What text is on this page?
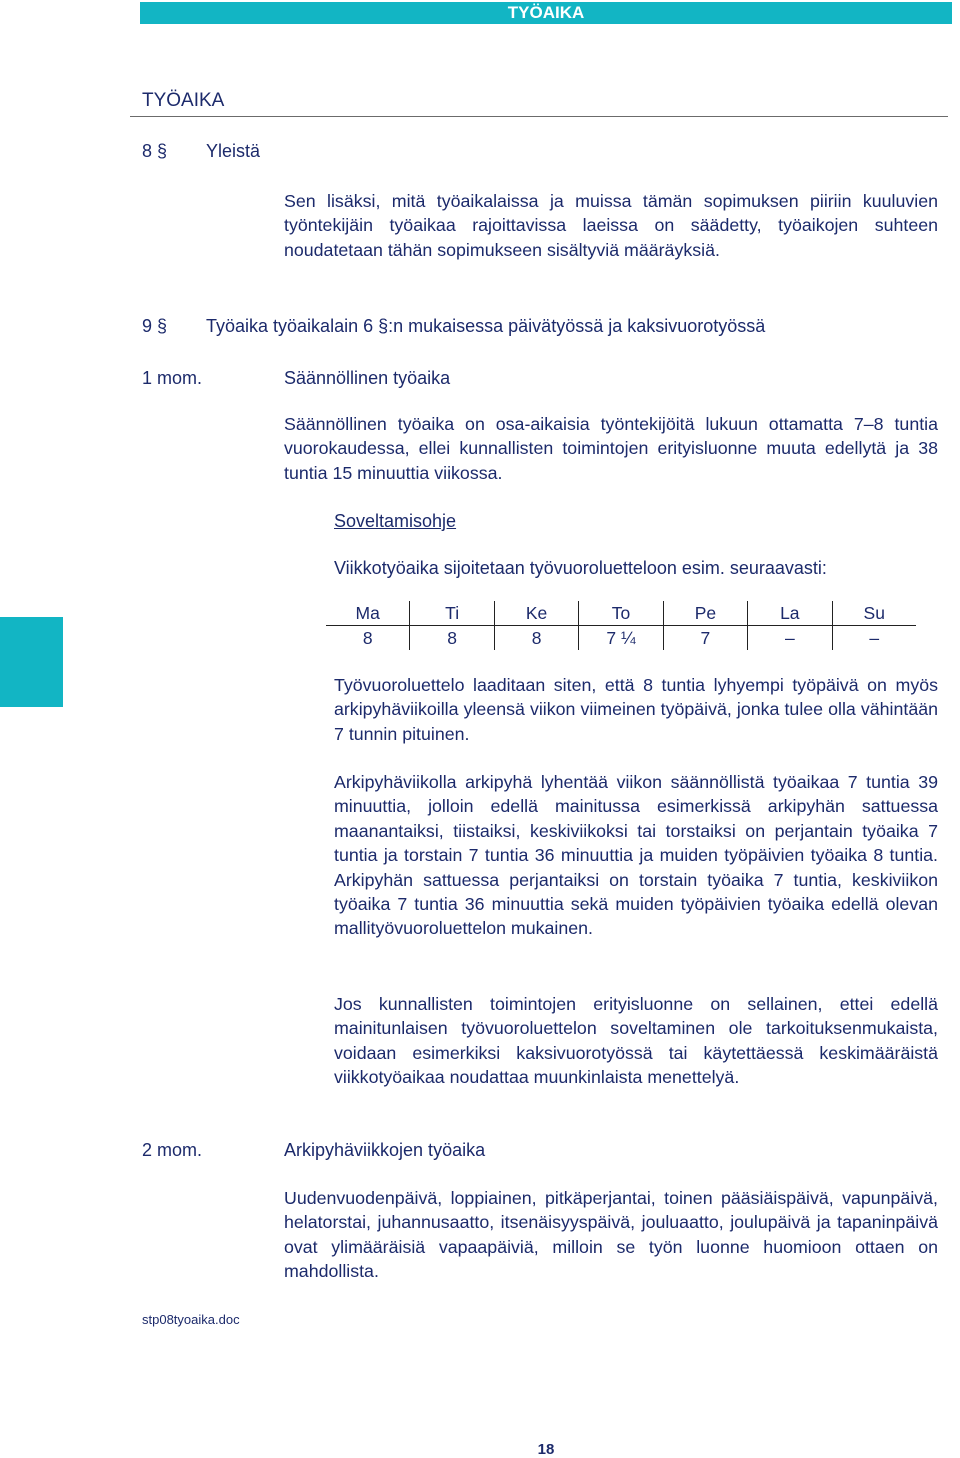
TYÖAIKA
TYÖAIKA
8 § Yleistä
Sen lisäksi, mitä työaikalaissa ja muissa tämän sopimuksen piiriin kuuluvien työntekijäin työaikaa rajoittavissa laeissa on säädetty, työaikojen suhteen noudatetaan tähän sopimukseen sisältyviä määräyksiä.
9 § Työaika työaikalain 6 §:n mukaisessa päivätyössä ja kaksivuorotyössä
1 mom.	Säännöllinen työaika
Säännöllinen työaika on osa-aikaisia työntekijöitä lukuun ottamatta 7–8 tuntia vuorokaudessa, ellei kunnallisten toimintojen erityisluonne muuta edellytä ja 38 tuntia 15 minuuttia viikossa.
Soveltamisohje
Viikkotyöaika sijoitetaan työvuoroluetteloon esim. seuraavasti:
Ma	Ti	Ke	To	Pe	La	Su
8	8	8	7 ¼	7	–	–
Työvuoroluettelo laaditaan siten, että 8 tuntia lyhyempi työpäivä on myös arkipyhäviikoilla yleensä viikon viimeinen työpäivä, jonka tulee olla vähintään 7 tunnin pituinen.
Arkipyhäviikolla arkipyhä lyhentää viikon säännöllistä työaikaa 7 tuntia 39 minuuttia, jolloin edellä mainitussa esimerkissä arkipyhän sattuessa maanantaiksi, tiistaiksi, keskiviikoksi tai torstaiksi on perjantain työaika 7 tuntia ja torstain 7 tuntia 36 minuuttia ja muiden työpäivien työaika 8 tuntia. Arkipyhän sattuessa perjantaiksi on torstain työaika 7 tuntia, keskiviikon työaika 7 tuntia 36 minuuttia sekä muiden työpäivien työaika edellä olevan mallityövuoroluettelon mukainen.
Jos kunnallisten toimintojen erityisluonne on sellainen, ettei edellä mainitunlaisen työvuoroluettelon soveltaminen ole tarkoituksenmukaista, voidaan esimerkiksi kaksivuorotyössä tai käytettäessä keskimääräistä viikkotyöaikaa noudattaa muunkinlaista menettelyä.
2 mom.	Arkipyhäviikkojen työaika
Uudenvuodenpäivä, loppiainen, pitkäperjantai, toinen pääsiäispäivä, vapunpäivä, helatorstai, juhannusaatto, itsenäisyyspäivä, jouluaatto, joulupäivä ja tapaninpäivä ovat ylimääräisiä vapaapäiviä, milloin se työn luonne huomioon ottaen on mahdollista.
stp08tyoaika.doc
18
